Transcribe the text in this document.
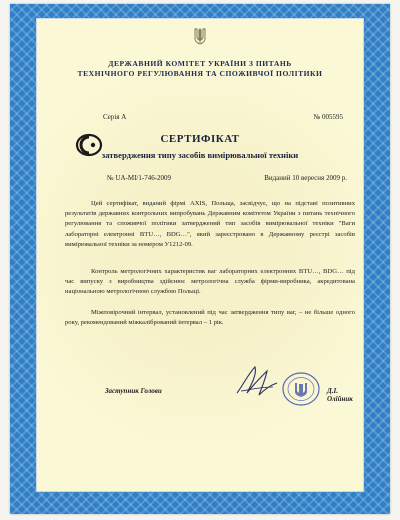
ДЕРЖАВНИЙ КОМІТЕТ УКРАЇНИ З ПИТАНЬ
ТЕХНІЧНОГО РЕГУЛЮВАННЯ ТА СПОЖИВЧОЇ ПОЛІТИКИ
Серія А	№ 005595
СЕРТИФІКАТ
затвердження типу засобів вимірювальної техніки
№ UA-MI/1-746-2009	Виданий 10 вересня 2009 р.
Цей сертифікат, виданий фірмі AXIS, Польща, засвідчує, що на підставі позитивних результатів державних контрольних випробувань Державним комітетом України з питань технічного регулювання та споживчої політики затверджений тип засобів вимірювальної техніки "Ваги лабораторні електронні BTU…, BDG…", який зареєстровано в Державному реєстрі засобів вимірювальної техніки за номером У1212-09.
Контроль метрологічних характеристик ваг лабораторних електронних BTU…, BDG… під час випуску з виробництва здійснює метрологічна служба фірми-виробника, акредитована національною метрологічною службою Польщі.
Міжповірочний інтервал, установлений під час затвердження типу ваг, – не більше одного року, рекомендований міжкалібрований інтервал – 1 рік.
Заступник Голови	Д.І. Олійник
